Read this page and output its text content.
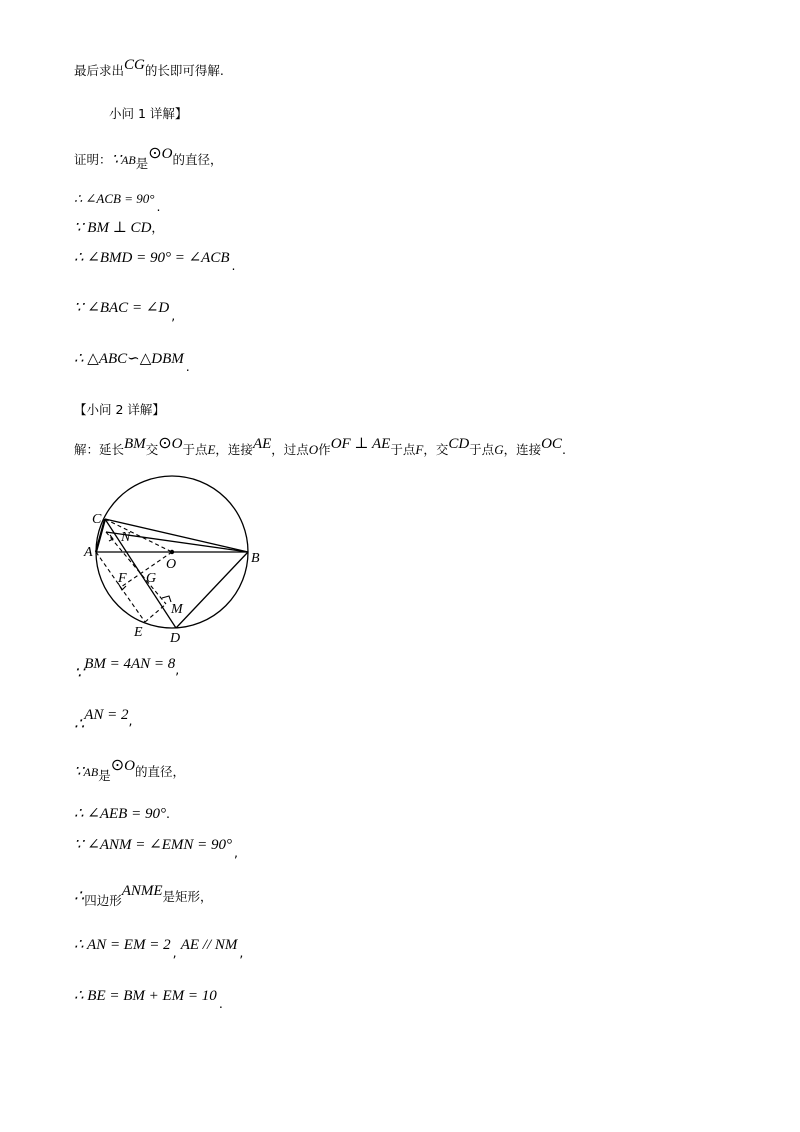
最后求出CG的长即可得解.
小问 1 详解】
证明：∵AB是⊙O的直径，
∴ ∠ACB = 90°.
∵ BM ⊥ CD，
∴ ∠BMD = 90° = ∠ACB .
∵ ∠BAC = ∠D ,
∴ △ABC∽△DBM .
【小问 2 详解】
解：延长BM交⊙O于点E，连接AE，过点O作OF ⊥ AE于点F，交CD于点G，连接OC.
C
N
A
O	B
F G
M
E D
∵BM = 4AN = 8,
∴AN = 2,
∵AB是⊙O的直径，
∴ ∠AEB = 90°.
∵ ∠ANM = ∠EMN = 90° ,
∴四边形ANME是矩形，
∴ AN = EM = 2 , AE // NM ,
∴ BE = BM + EM = 10 .
